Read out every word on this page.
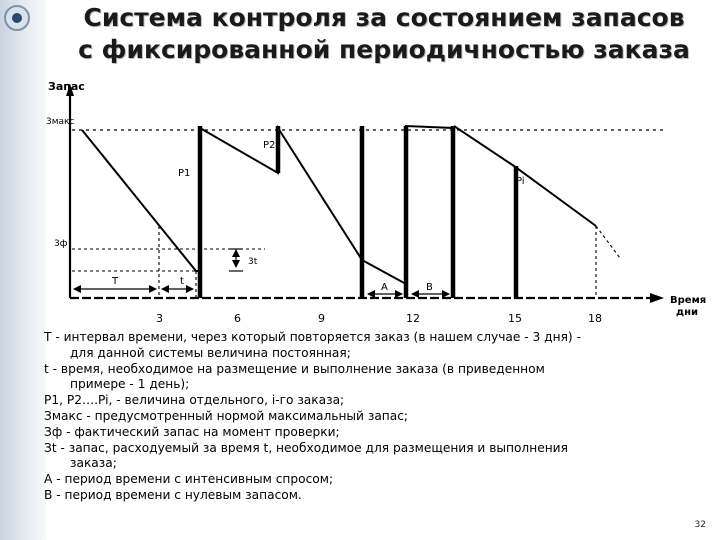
Система контроля за состоянием запасов
с фиксированной периодичностью заказа
Запас
Время
дни
3макс
3ф
P1
P2
Pi
3t
T	t
A	B
3	6	9	12	15	18
T - интервал времени, через который повторяется заказ (в нашем случае - 3 дня) -
для данной системы величина постоянная;
t - время, необходимое на размещение и выполнение заказа (в приведенном
примере - 1 день);
P1, P2….Pi, - величина отдельного, i-го заказа;
Змакс - предусмотренный нормой максимальный запас;
Зф - фактический запас на момент проверки;
Зt - запас, расходуемый за время t, необходимое для размещения и выполнения
заказа;
А - период времени с интенсивным спросом;
В - период времени с нулевым запасом.
32
